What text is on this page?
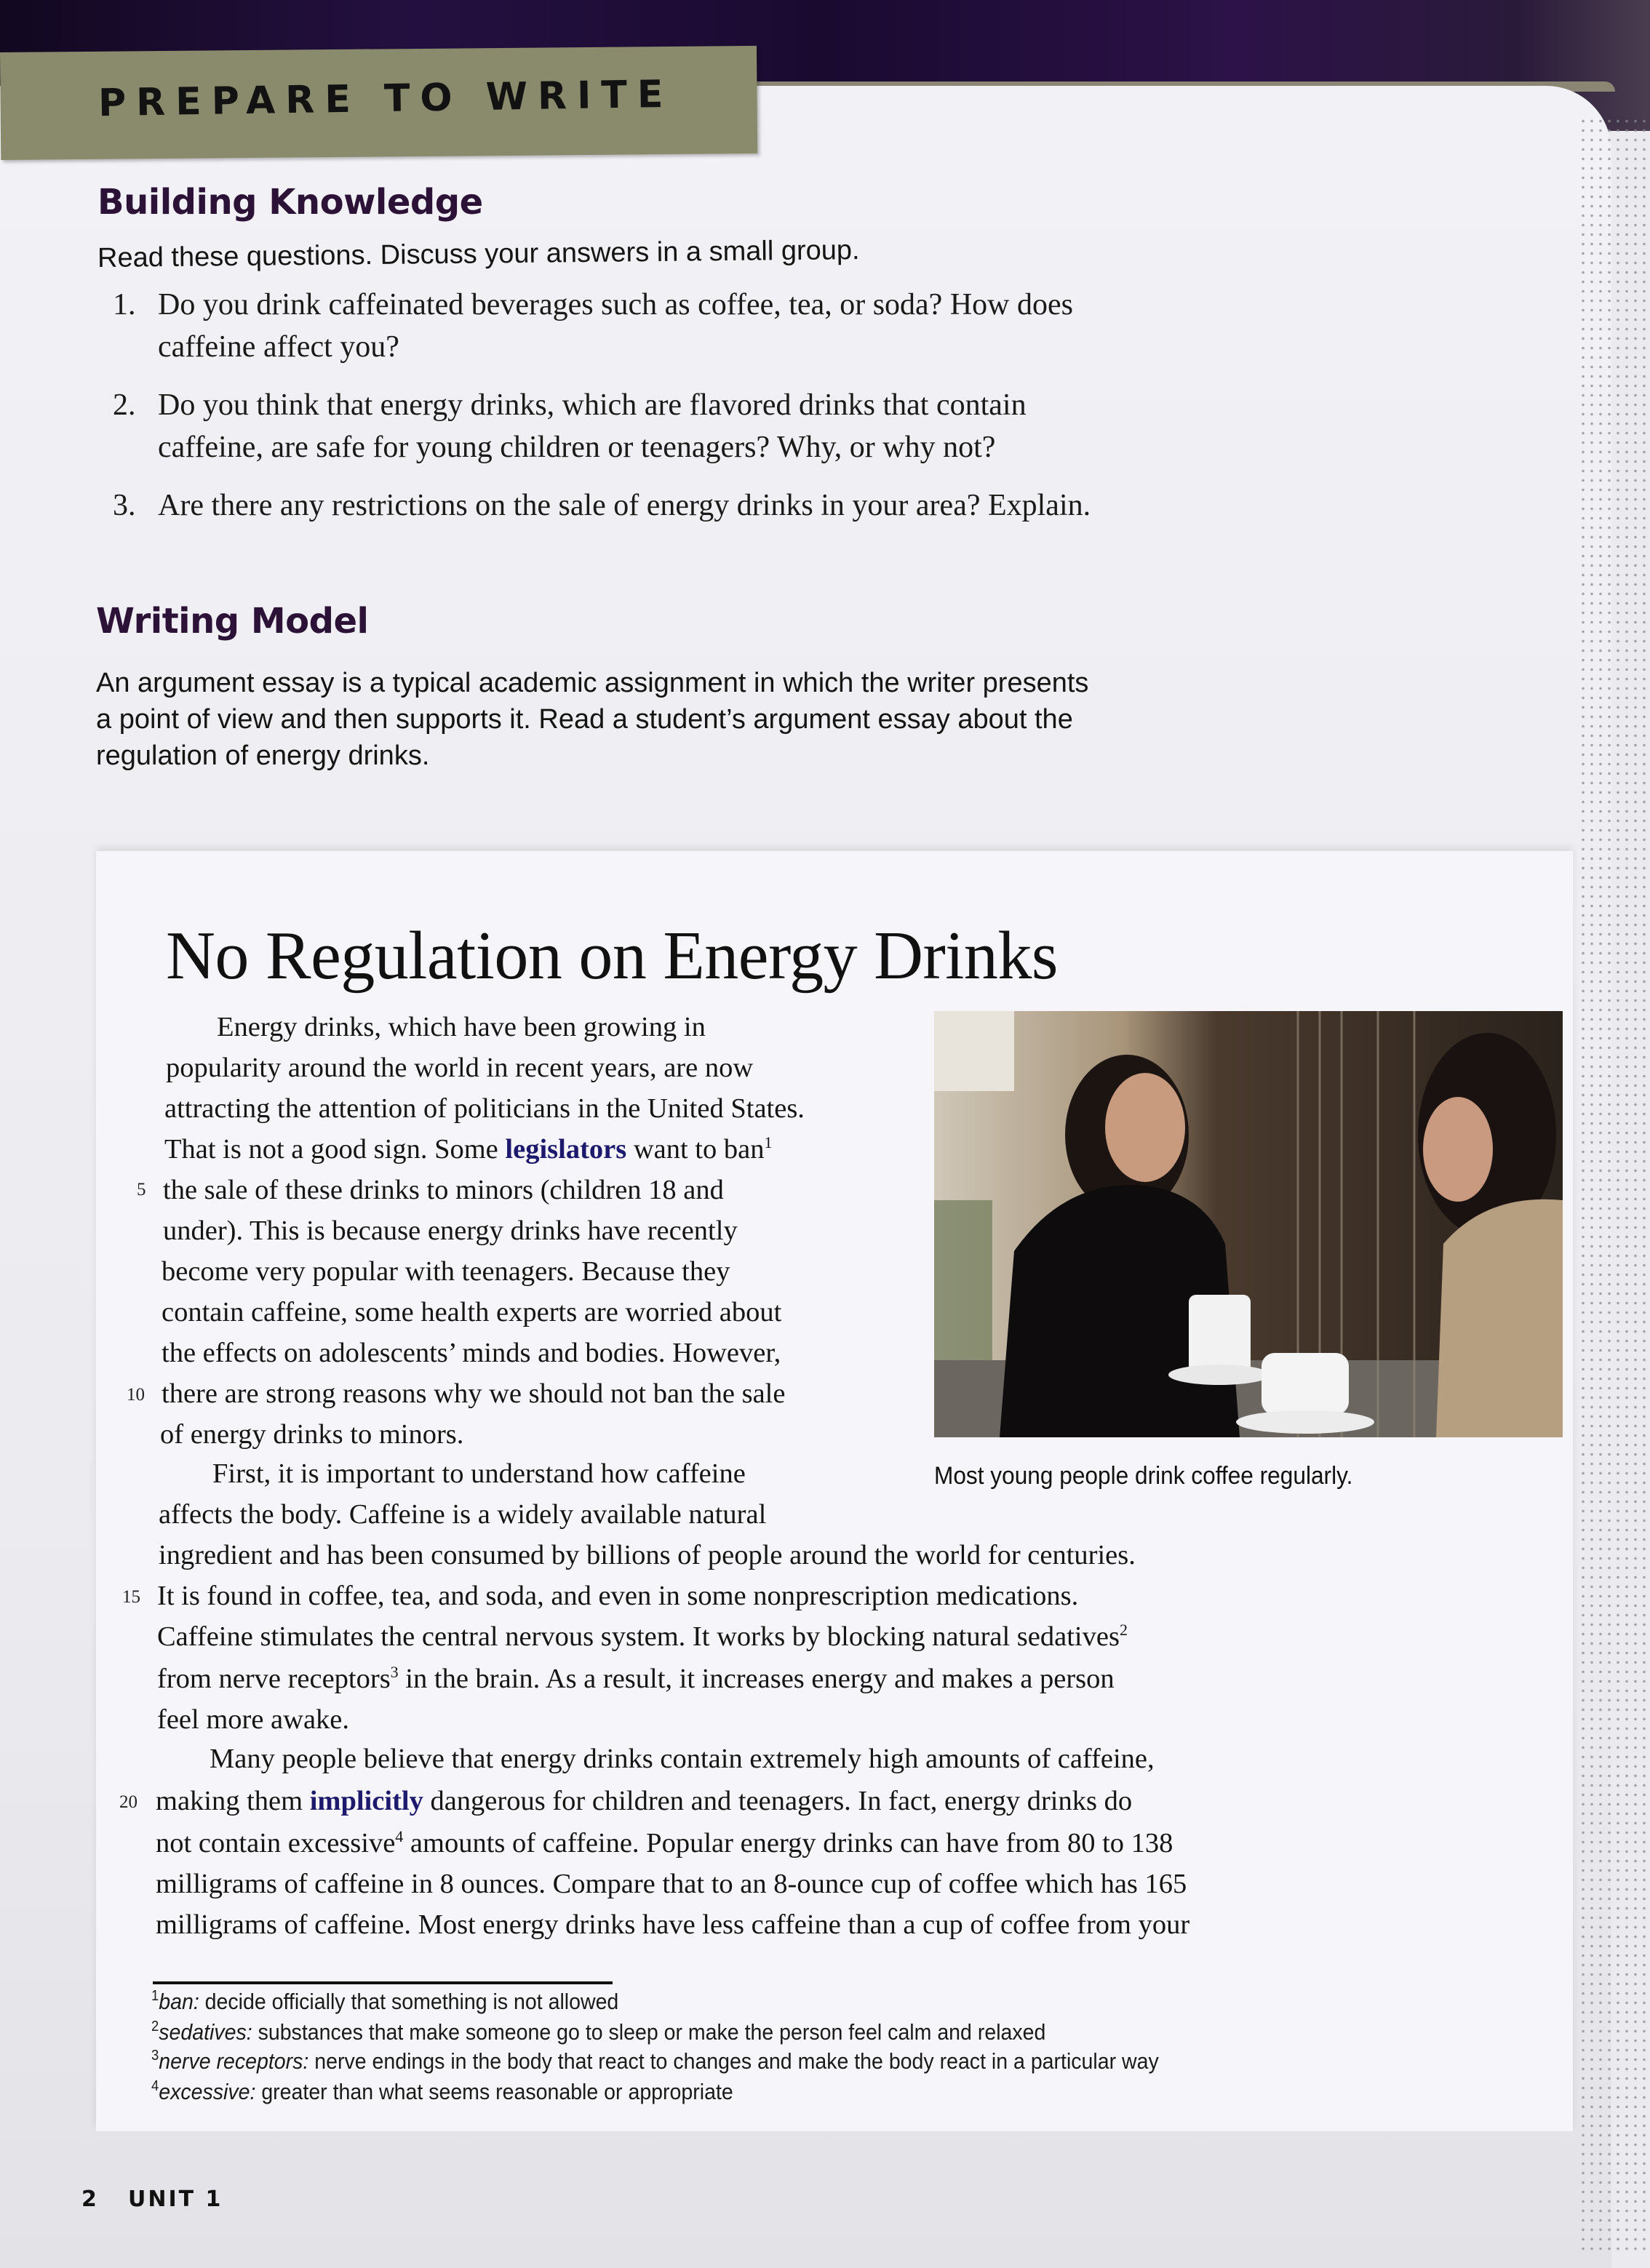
PREPARE TO WRITE
Building Knowledge
Read these questions. Discuss your answers in a small group.
1. Do you drink caffeinated beverages such as coffee, tea, or soda? How does
caffeine affect you?
2. Do you think that energy drinks, which are flavored drinks that contain
caffeine, are safe for young children or teenagers? Why, or why not?
3. Are there any restrictions on the sale of energy drinks in your area? Explain.
Writing Model
An argument essay is a typical academic assignment in which the writer presents
a point of view and then supports it. Read a student’s argument essay about the
regulation of energy drinks.
No Regulation on Energy Drinks
Most young people drink coffee regularly.
Energy drinks, which have been growing in
popularity around the world in recent years, are now
attracting the attention of politicians in the United States.
That is not a good sign. Some legislators want to ban$^1$
5 the sale of these drinks to minors (children 18 and
under). This is because energy drinks have recently
become very popular with teenagers. Because they
contain caffeine, some health experts are worried about
the effects on adolescents’ minds and bodies. However,
10 there are strong reasons why we should not ban the sale
of energy drinks to minors.
First, it is important to understand how caffeine
affects the body. Caffeine is a widely available natural
ingredient and has been consumed by billions of people around the world for centuries.
15 It is found in coffee, tea, and soda, and even in some nonprescription medications.
Caffeine stimulates the central nervous system. It works by blocking natural sedatives$^2$
from nerve receptors$^3$ in the brain. As a result, it increases energy and makes a person
feel more awake.
Many people believe that energy drinks contain extremely high amounts of caffeine,
20 making them implicitly dangerous for children and teenagers. In fact, energy drinks do
not contain excessive$^4$ amounts of caffeine. Popular energy drinks can have from 80 to 138
milligrams of caffeine in 8 ounces. Compare that to an 8-ounce cup of coffee which has 165
milligrams of caffeine. Most energy drinks have less caffeine than a cup of coffee from your
$^1$ban: decide officially that something is not allowed
$^2$sedatives: substances that make someone go to sleep or make the person feel calm and relaxed
$^3$nerve receptors: nerve endings in the body that react to changes and make the body react in a particular way
$^4$excessive: greater than what seems reasonable or appropriate
2 UNIT 1
